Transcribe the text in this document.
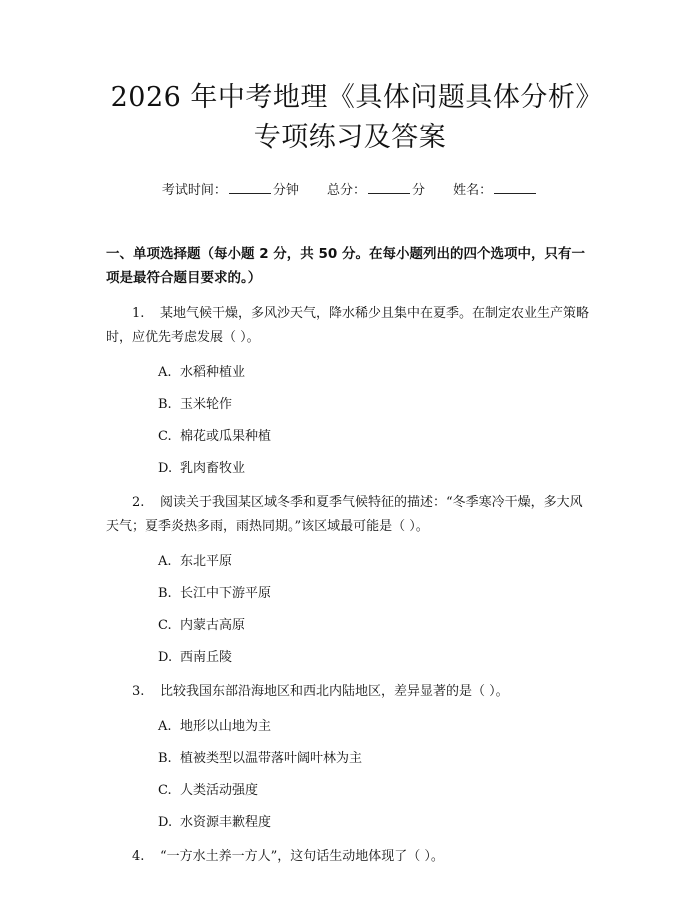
2026 年中考地理《具体问题具体分析》专项练习及答案
考试时间：	分钟 总分：	分 姓名：
一、单项选择题（每小题 2 分，共 50 分。在每小题列出的四个选项中，只有一项是最符合题目要求的。）

1. 某地气候干燥，多风沙天气，降水稀少且集中在夏季。在制定农业生产策略时，应优先考虑发展（ ）。

A. 水稻种植业
B. 玉米轮作
C. 棉花或瓜果种植
D. 乳肉畜牧业

2. 阅读关于我国某区域冬季和夏季气候特征的描述：“冬季寒冷干燥，多大风天气；夏季炎热多雨，雨热同期。”该区域最可能是（ ）。

A. 东北平原
B. 长江中下游平原
C. 内蒙古高原
D. 西南丘陵

3. 比较我国东部沿海地区和西北内陆地区，差异显著的是（ ）。

A. 地形以山地为主
B. 植被类型以温带落叶阔叶林为主
C. 人类活动强度
D. 水资源丰歉程度

4. “一方水土养一方人”，这句话生动地体现了（ ）。
